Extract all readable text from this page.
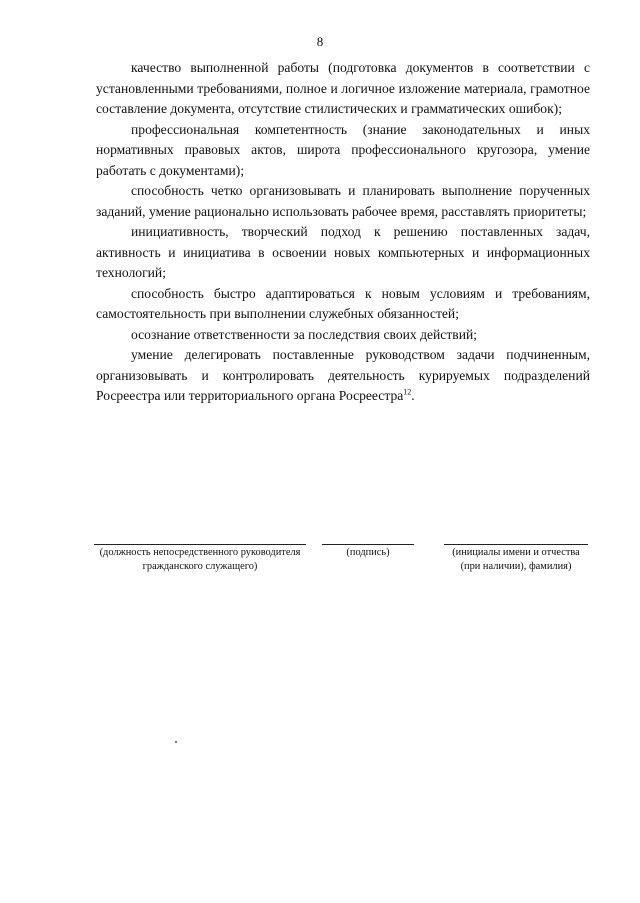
8

качество выполненной работы (подготовка документов в соответствии с установленными требованиями, полное и логичное изложение материала, грамотное составление документа, отсутствие стилистических и грамматических ошибок);

профессиональная компетентность (знание законодательных и иных нормативных правовых актов, широта профессионального кругозора, умение работать с документами);

способность четко организовывать и планировать выполнение порученных заданий, умение рационально использовать рабочее время, расставлять приоритеты;

инициативность, творческий подход к решению поставленных задач, активность и инициатива в освоении новых компьютерных и информационных технологий;

способность быстро адаптироваться к новым условиям и требованиям, самостоятельность при выполнении служебных обязанностей;

осознание ответственности за последствия своих действий;

умение делегировать поставленные руководством задачи подчиненным, организовывать и контролировать деятельность курируемых подразделений Росреестра или территориального органа Росреестра$^{12}$.

(должность непосредственного руководителя гражданского служащего)
(подпись)	(инициалы имени и отчества (при наличии), фамилия)
